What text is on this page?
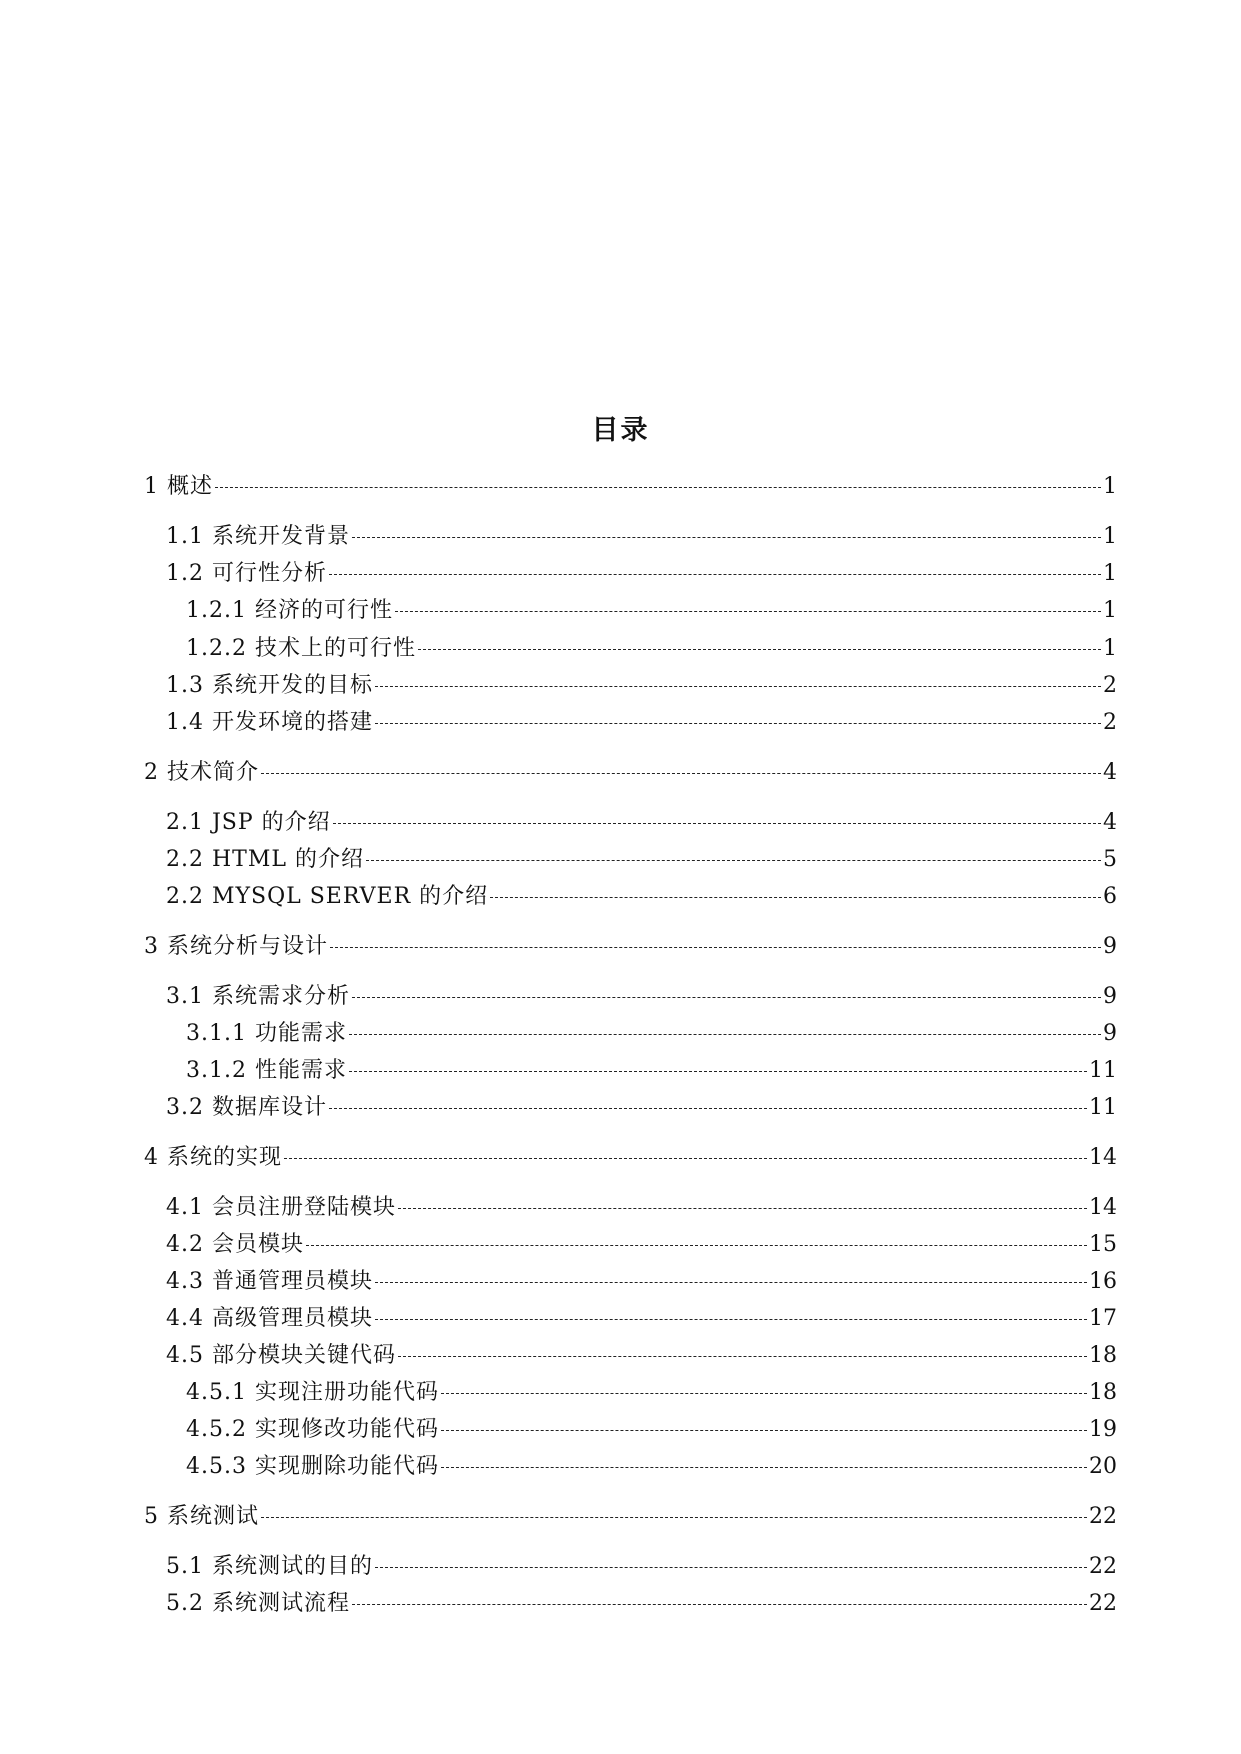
目录
1 概述	1
1.1 系统开发背景	1
1.2 可行性分析	1
1.2.1 经济的可行性	1
1.2.2 技术上的可行性	1
1.3 系统开发的目标	2
1.4 开发环境的搭建	2
2 技术简介	4
2.1 JSP 的介绍	4
2.2 HTML 的介绍	5
2.2 MYSQL SERVER 的介绍	6
3 系统分析与设计	9
3.1 系统需求分析	9
3.1.1 功能需求	9
3.1.2 性能需求	11
3.2 数据库设计	11
4 系统的实现	14
4.1 会员注册登陆模块	14
4.2 会员模块	15
4.3 普通管理员模块	16
4.4 高级管理员模块	17
4.5 部分模块关键代码	18
4.5.1 实现注册功能代码	18
4.5.2 实现修改功能代码	19
4.5.3 实现删除功能代码	20
5 系统测试	22
5.1 系统测试的目的	22
5.2 系统测试流程	22
